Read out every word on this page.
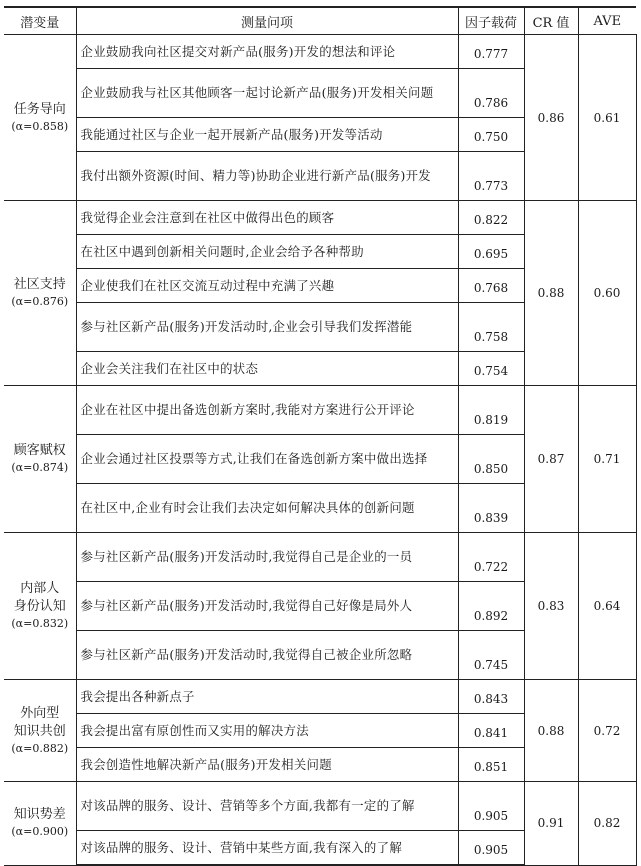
潜变量	测量问项	因子载荷	CR 值	AVE
任务导向
(α=0.858)	企业鼓励我向社区提交对新产品(服务)开发的想法和评论	0.777	0.86	0.61
	企业鼓励我与社区其他顾客一起讨论新产品(服务)开发相关问题	0.786		
	我能通过社区与企业一起开展新产品(服务)开发等活动	0.750		
	我付出额外资源(时间、精力等)协助企业进行新产品(服务)开发	0.773		
社区支持
(α=0.876)	我觉得企业会注意到在社区中做得出色的顾客	0.822	0.88	0.60
	在社区中遇到创新相关问题时,企业会给予各种帮助	0.695		
	企业使我们在社区交流互动过程中充满了兴趣	0.768		
	参与社区新产品(服务)开发活动时,企业会引导我们发挥潜能	0.758		
	企业会关注我们在社区中的状态	0.754		
顾客赋权
(α=0.874)	企业在社区中提出备选创新方案时,我能对方案进行公开评论	0.819	0.87	0.71
	企业会通过社区投票等方式,让我们在备选创新方案中做出选择	0.850		
	在社区中,企业有时会让我们去决定如何解决具体的创新问题	0.839		

内部人
身份认知
(α=0.832)	参与社区新产品(服务)开发活动时,我觉得自己是企业的一员	0.722	0.83	0.64
	参与社区新产品(服务)开发活动时,我觉得自己好像是局外人	0.892		
	参与社区新产品(服务)开发活动时,我觉得自己被企业所忽略	0.745		

外向型
知识共创
(α=0.882)	我会提出各种新点子	0.843	0.88	0.72
	我会提出富有原创性而又实用的解决方法	0.841		
	我会创造性地解决新产品(服务)开发相关问题	0.851		
知识势差
(α=0.900)	对该品牌的服务、设计、营销等多个方面,我都有一定的了解	0.905	0.91	0.82
	对该品牌的服务、设计、营销中某些方面,我有深入的了解	0.905		
